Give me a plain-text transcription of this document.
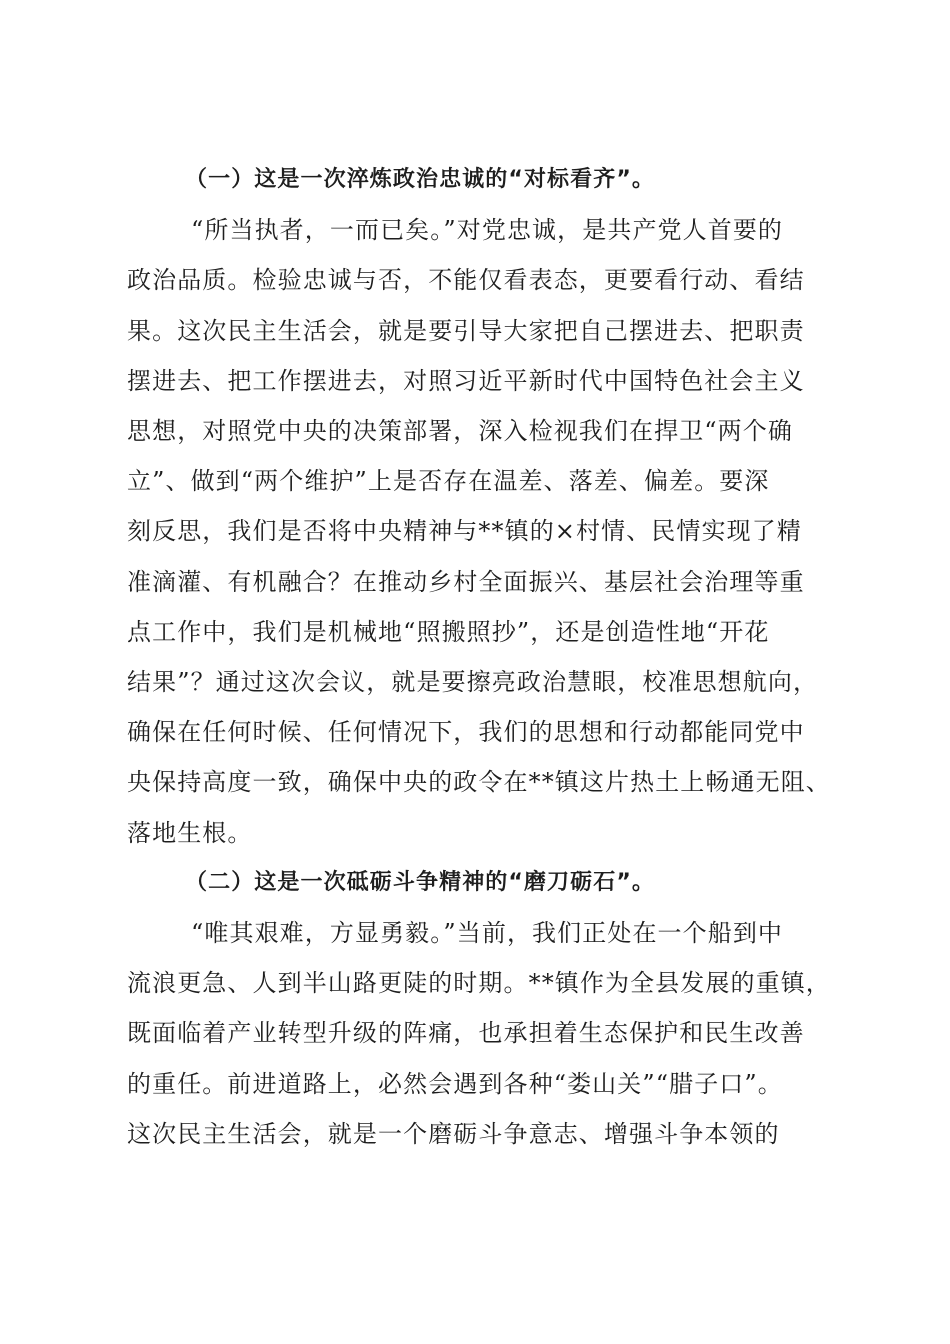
（一）这是一次淬炼政治忠诚的“对标看齐”。

“所当执者，一而已矣。”对党忠诚，是共产党人首要的
政治品质。检验忠诚与否，不能仅看表态，更要看行动、看结
果。这次民主生活会，就是要引导大家把自己摆进去、把职责
摆进去、把工作摆进去，对照习近平新时代中国特色社会主义
思想，对照党中央的决策部署，深入检视我们在捍卫“两个确
立”、做到“两个维护”上是否存在温差、落差、偏差。要深
刻反思，我们是否将中央精神与**镇的×村情、民情实现了精
准滴灌、有机融合？在推动乡村全面振兴、基层社会治理等重
点工作中，我们是机械地“照搬照抄”，还是创造性地“开花
结果”？通过这次会议，就是要擦亮政治慧眼，校准思想航向，
确保在任何时候、任何情况下，我们的思想和行动都能同党中
央保持高度一致，确保中央的政令在**镇这片热土上畅通无阻、
落地生根。

（二）这是一次砥砺斗争精神的“磨刀砺石”。

“唯其艰难，方显勇毅。”当前，我们正处在一个船到中
流浪更急、人到半山路更陡的时期。**镇作为全县发展的重镇，
既面临着产业转型升级的阵痛，也承担着生态保护和民生改善
的重任。前进道路上，必然会遇到各种“娄山关”“腊子口”。
这次民主生活会，就是一个磨砺斗争意志、增强斗争本领的
